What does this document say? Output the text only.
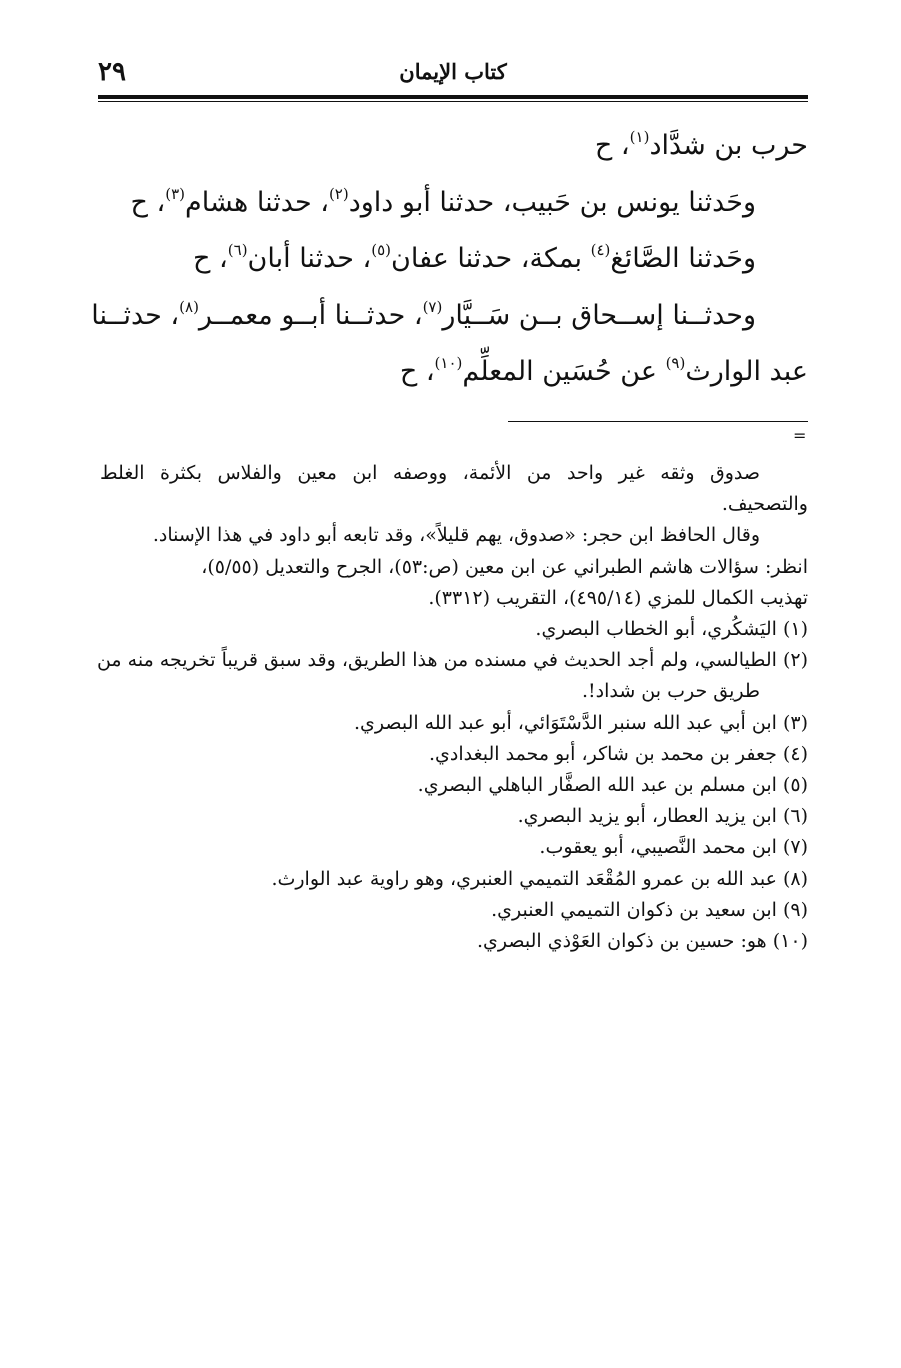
٢٩	كتاب الإيمان
حرب بن شدَّاد$^{(١)}$، ح
وحَدثنا يونس بن حَبيب، حدثنا أبو داود$^{(٢)}$، حدثنا هشام$^{(٣)}$، ح
وحَدثنا الصَّائغ$^{(٤)}$ بمكة، حدثنا عفان$^{(٥)}$، حدثنا أبان$^{(٦)}$، ح
وحدثــنا إســحاق بــن سَــيَّار$^{(٧)}$، حدثــنا أبــو معمــر$^{(٨)}$، حدثــنا
عبد الوارث$^{(٩)}$ عن حُسَين المعلِّم$^{(١٠)}$، ح
=
صدوق وثقه غير واحد من الأئمة، ووصفه ابن معين والفلاس بكثرة الغلط
والتصحيف.
وقال الحافظ ابن حجر: «صدوق، يهم قليلاً»، وقد تابعه أبو داود في هذا الإسناد.
انظر: سؤالات هاشم الطبراني عن ابن معين (ص:٥٣)، الجرح والتعديل (٥/٥٥)،
تهذيب الكمال للمزي (٤٩٥/١٤)، التقريب (٣٣١٢).
(١) اليَشكُري، أبو الخطاب البصري.
(٢) الطيالسي، ولم أجد الحديث في مسنده من هذا الطريق، وقد سبق قريباً تخريجه منه من
طريق حرب بن شداد!.
(٣) ابن أبي عبد الله سنبر الدَّسْتَوَائي، أبو عبد الله البصري.
(٤) جعفر بن محمد بن شاكر، أبو محمد البغدادي.
(٥) ابن مسلم بن عبد الله الصفَّار الباهلي البصري.
(٦) ابن يزيد العطار، أبو يزيد البصري.
(٧) ابن محمد النَّصيبي، أبو يعقوب.
(٨) عبد الله بن عمرو المُقْعَد التميمي العنبري، وهو راوية عبد الوارث.
(٩) ابن سعيد بن ذكوان التميمي العنبري.
(١٠) هو: حسين بن ذكوان العَوْذي البصري.
